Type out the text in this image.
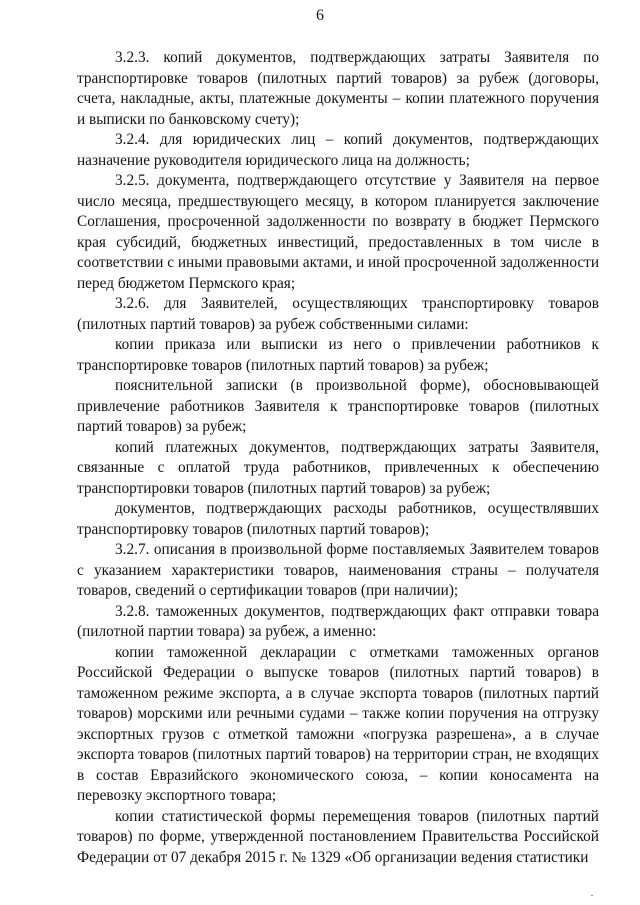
6

3.2.3. копий документов, подтверждающих затраты Заявителя по транспортировке товаров (пилотных партий товаров) за рубеж (договоры, счета, накладные, акты, платежные документы – копии платежного поручения и выписки по банковскому счету);

3.2.4. для юридических лиц – копий документов, подтверждающих назначение руководителя юридического лица на должность;

3.2.5. документа, подтверждающего отсутствие у Заявителя на первое число месяца, предшествующего месяцу, в котором планируется заключение Соглашения, просроченной задолженности по возврату в бюджет Пермского края субсидий, бюджетных инвестиций, предоставленных в том числе в соответствии с иными правовыми актами, и иной просроченной задолженности перед бюджетом Пермского края;

3.2.6. для Заявителей, осуществляющих транспортировку товаров (пилотных партий товаров) за рубеж собственными силами:

копии приказа или выписки из него о привлечении работников к транспортировке товаров (пилотных партий товаров) за рубеж;

пояснительной записки (в произвольной форме), обосновывающей привлечение работников Заявителя к транспортировке товаров (пилотных партий товаров) за рубеж;

копий платежных документов, подтверждающих затраты Заявителя, связанные с оплатой труда работников, привлеченных к обеспечению транспортировки товаров (пилотных партий товаров) за рубеж;

документов, подтверждающих расходы работников, осуществлявших транспортировку товаров (пилотных партий товаров);

3.2.7. описания в произвольной форме поставляемых Заявителем товаров с указанием характеристики товаров, наименования страны – получателя товаров, сведений о сертификации товаров (при наличии);

3.2.8. таможенных документов, подтверждающих факт отправки товара (пилотной партии товара) за рубеж, а именно:

копии таможенной декларации с отметками таможенных органов Российской Федерации о выпуске товаров (пилотных партий товаров) в таможенном режиме экспорта, а в случае экспорта товаров (пилотных партий товаров) морскими или речными судами – также копии поручения на отгрузку экспортных грузов с отметкой таможни «погрузка разрешена», а в случае экспорта товаров (пилотных партий товаров) на территории стран, не входящих в состав Евразийского экономического союза, – копии коносамента на перевозку экспортного товара;

копии статистической формы перемещения товаров (пилотных партий товаров) по форме, утвержденной постановлением Правительства Российской Федерации от 07 декабря 2015 г. № 1329 «Об организации ведения статистики

·
